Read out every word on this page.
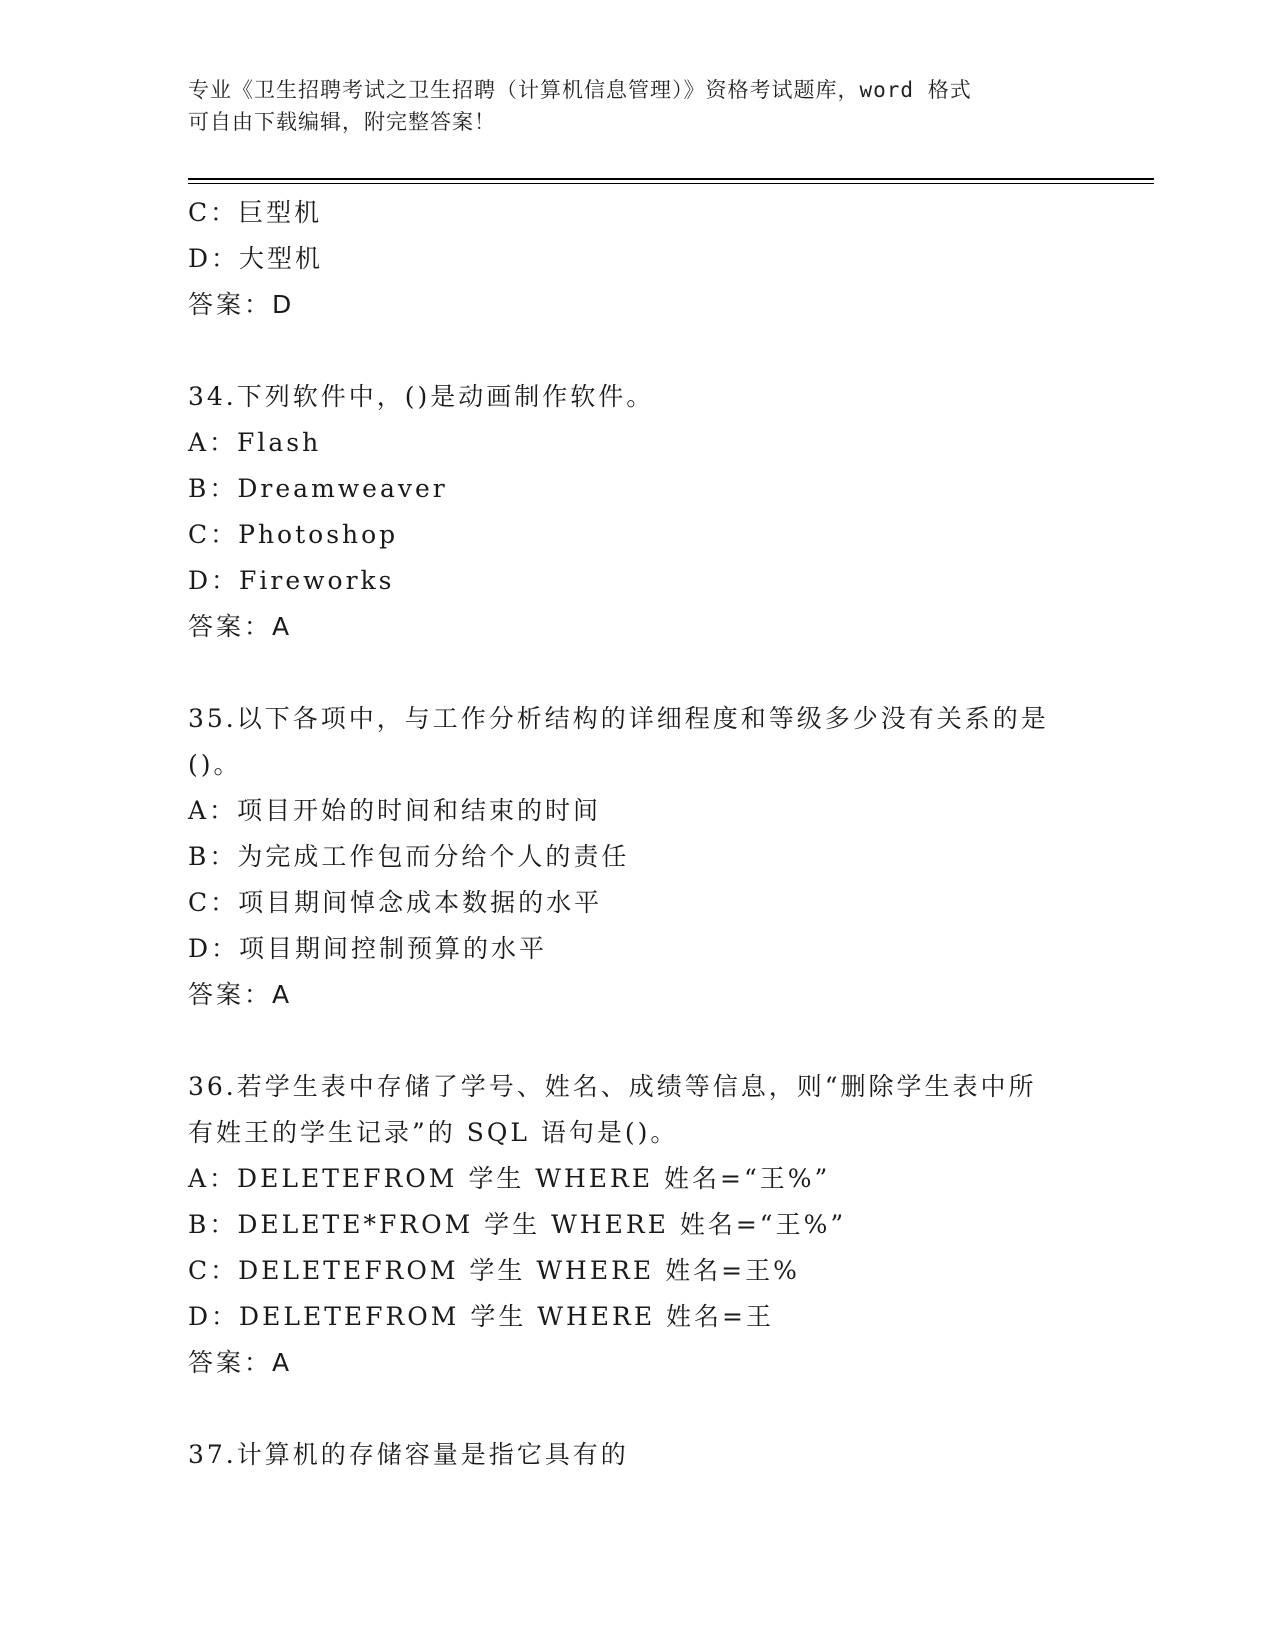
专业《卫生招聘考试之卫生招聘（计算机信息管理）》资格考试题库，word 格式
可自由下载编辑，附完整答案！
C：巨型机
D：大型机
答案：D
34.下列软件中，()是动画制作软件。
A：Flash
B：Dreamweaver
C：Photoshop
D：Fireworks
答案：A
35.以下各项中，与工作分析结构的详细程度和等级多少没有关系的是
()。
A：项目开始的时间和结束的时间
B：为完成工作包而分给个人的责任
C：项目期间悼念成本数据的水平
D：项目期间控制预算的水平
答案：A
36.若学生表中存储了学号、姓名、成绩等信息，则“删除学生表中所
有姓王的学生记录”的 SQL 语句是()。
A：DELETEFROM 学生 WHERE 姓名=“王%”
B：DELETE*FROM 学生 WHERE 姓名=“王%”
C：DELETEFROM 学生 WHERE 姓名=王%
D：DELETEFROM 学生 WHERE 姓名=王
答案：A
37.计算机的存储容量是指它具有的
